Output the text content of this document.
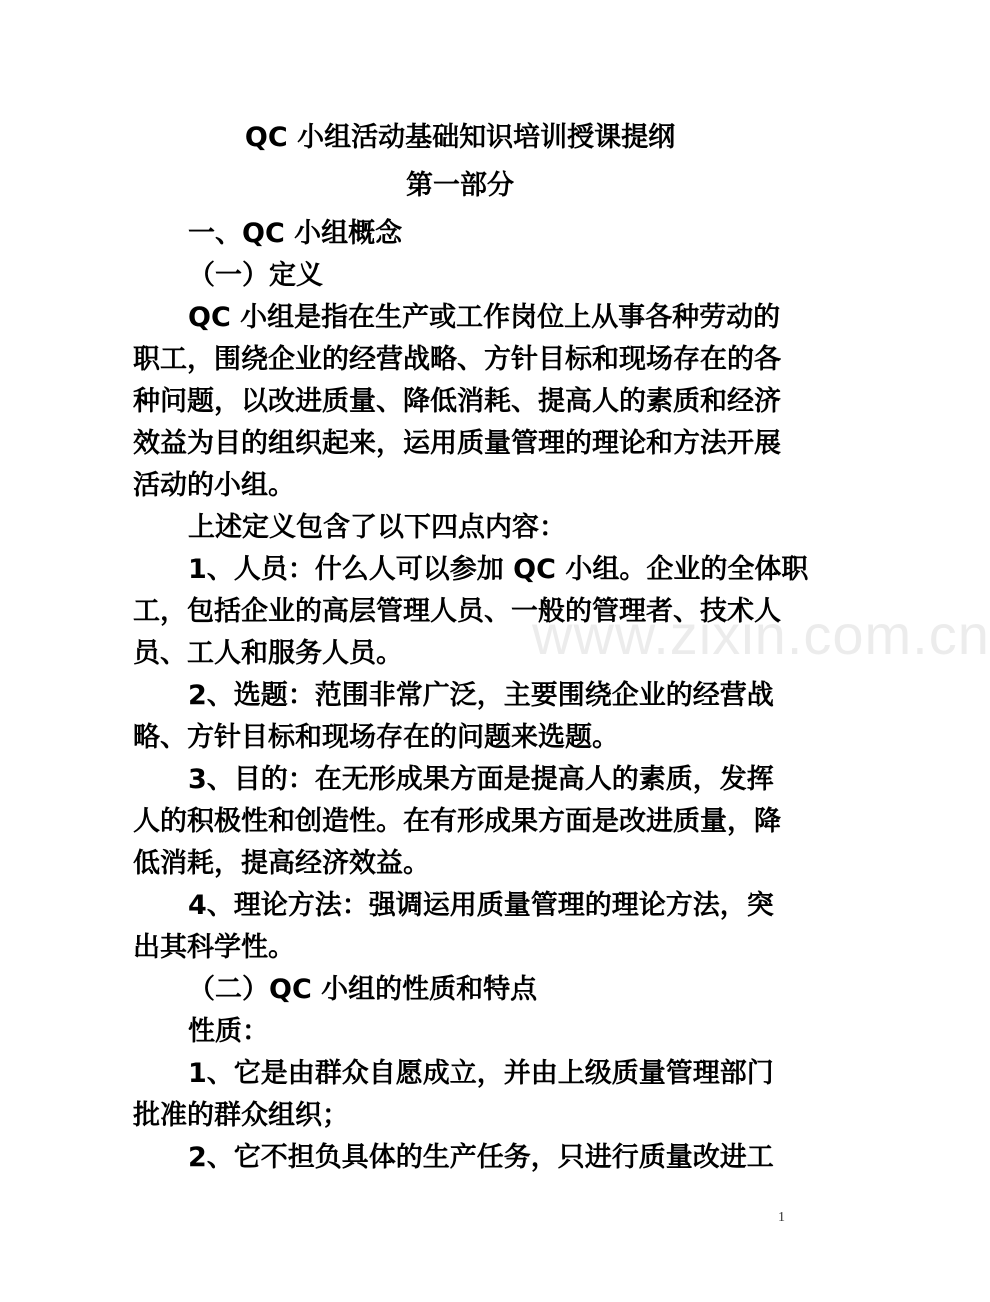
QC 小组活动基础知识培训授课提纲
第一部分
一、QC 小组概念
（一）定义
QC 小组是指在生产或工作岗位上从事各种劳动的
职工，围绕企业的经营战略、方针目标和现场存在的各
种问题，以改进质量、降低消耗、提高人的素质和经济
效益为目的组织起来，运用质量管理的理论和方法开展
活动的小组。
上述定义包含了以下四点内容：
1、人员：什么人可以参加 QC 小组。企业的全体职
工，包括企业的高层管理人员、一般的管理者、技术人
员、工人和服务人员。
2、选题：范围非常广泛，主要围绕企业的经营战
略、方针目标和现场存在的问题来选题。
3、目的：在无形成果方面是提高人的素质，发挥
人的积极性和创造性。在有形成果方面是改进质量，降
低消耗，提高经济效益。
4、理论方法：强调运用质量管理的理论方法，突
出其科学性。
（二）QC 小组的性质和特点
性质：
1、它是由群众自愿成立，并由上级质量管理部门
批准的群众组织；
2、它不担负具体的生产任务，只进行质量改进工
www.zixin.com.cn
1
